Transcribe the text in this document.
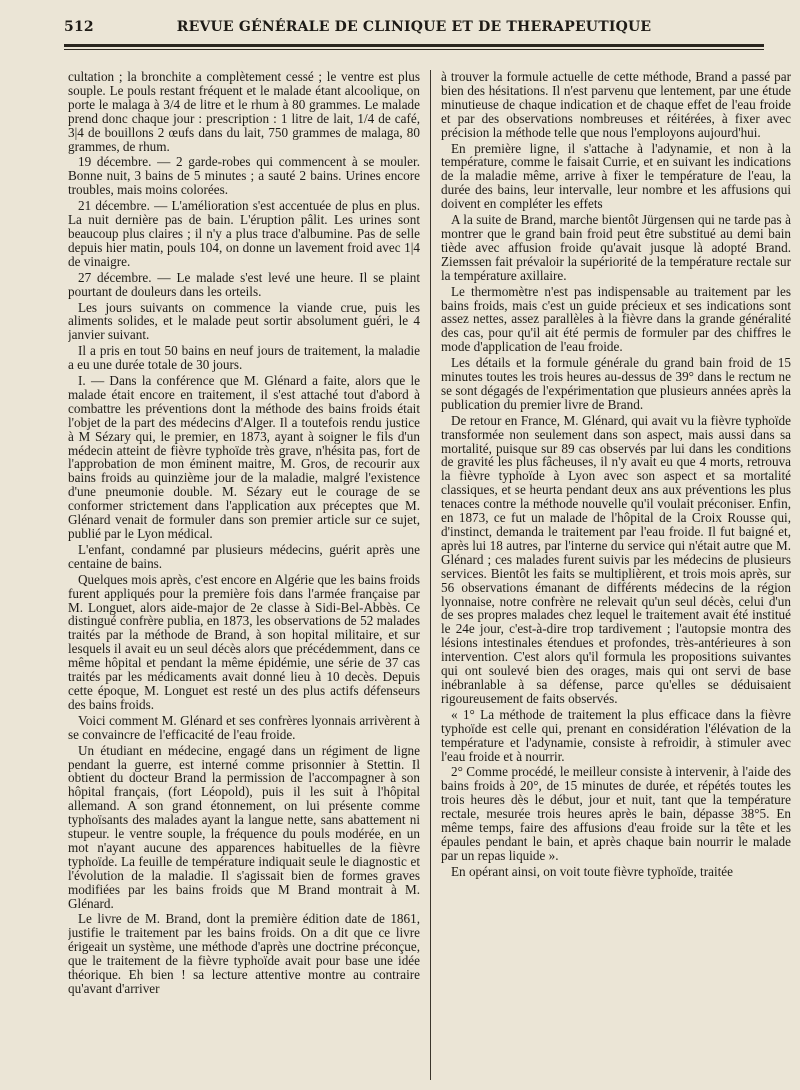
512	REVUE GÉNÉRALE DE CLINIQUE ET DE THERAPEUTIQUE

cultation ; la bronchite a complètement cessé ; le ventre est plus souple. Le pouls restant fréquent et le malade étant alcoolique, on porte le malaga à 3/4 de litre et le rhum à 80 grammes. Le malade prend donc chaque jour : prescription : 1 litre de lait, 1/4 de café, 3|4 de bouillons 2 œufs dans du lait, 750 grammes de malaga, 80 grammes, de rhum.

19 décembre. — 2 garde-robes qui commencent à se mouler. Bonne nuit, 3 bains de 5 minutes ; a sauté 2 bains. Urines encore troubles, mais moins colorées.

21 décembre. — L'amélioration s'est accentuée de plus en plus. La nuit dernière pas de bain. L'éruption pâlit. Les urines sont beaucoup plus claires ; il n'y a plus trace d'albumine. Pas de selle depuis hier matin, pouls 104, on donne un lavement froid avec 1|4 de vinaigre.

27 décembre. — Le malade s'est levé une heure. Il se plaint pourtant de douleurs dans les orteils.

Les jours suivants on commence la viande crue, puis les aliments solides, et le malade peut sortir absolument guéri, le 4 janvier suivant.

Il a pris en tout 50 bains en neuf jours de traitement, la maladie a eu une durée totale de 30 jours.

I. — Dans la conférence que M. Glénard a faite, alors que le malade était encore en traitement, il s'est attaché tout d'abord à combattre les préventions dont la méthode des bains froids était l'objet de la part des médecins d'Alger. Il a toutefois rendu justice à M Sézary qui, le premier, en 1873, ayant à soigner le fils d'un médecin atteint de fièvre typhoïde très grave, n'hésita pas, fort de l'approbation de mon éminent maitre, M. Gros, de recourir aux bains froids au quinzième jour de la maladie, malgré l'existence d'une pneumonie double. M. Sézary eut le courage de se conformer strictement dans l'application aux préceptes que M. Glénard venait de formuler dans son premier article sur ce sujet, publié par le Lyon médical.

L'enfant, condamné par plusieurs médecins, guérit après une centaine de bains.

Quelques mois après, c'est encore en Algérie que les bains froids furent appliqués pour la première fois dans l'armée française par M. Longuet, alors aide-major de 2e classe à Sidi-Bel-Abbès. Ce distingué confrère publia, en 1873, les observations de 52 malades traités par la méthode de Brand, à son hopital militaire, et sur lesquels il avait eu un seul décès alors que précédemment, dans ce même hôpital et pendant la même épidémie, une série de 37 cas traités par les médicaments avait donné lieu à 10 decès. Depuis cette époque, M. Longuet est resté un des plus actifs défenseurs des bains froids.

Voici comment M. Glénard et ses confrères lyonnais arrivèrent à se convaincre de l'efficacité de l'eau froide.

Un étudiant en médecine, engagé dans un régiment de ligne pendant la guerre, est interné comme prisonnier à Stettin. Il obtient du docteur Brand la permission de l'accompagner à son hôpital français, (fort Léopold), puis il les suit à l'hôpital allemand. A son grand étonnement, on lui présente comme typhoïsants des malades ayant la langue nette, sans abattement ni stupeur. le ventre souple, la fréquence du pouls modérée, en un mot n'ayant aucune des apparences habituelles de la fièvre typhoïde. La feuille de température indiquait seule le diagnostic et l'évolution de la maladie. Il s'agissait bien de formes graves modifiées par les bains froids que M Brand montrait à M. Glénard.

Le livre de M. Brand, dont la première édition date de 1861, justifie le traitement par les bains froids. On a dit que ce livre érigeait un système, une méthode d'après une doctrine préconçue, que le traitement de la fièvre typhoïde avait pour base une idée théorique. Eh bien ! sa lecture attentive montre au contraire qu'avant d'arriver

à trouver la formule actuelle de cette méthode, Brand a passé par bien des hésitations. Il n'est parvenu que lentement, par une étude minutieuse de chaque indication et de chaque effet de l'eau froide et par des observations nombreuses et réitérées, à fixer avec précision la méthode telle que nous l'employons aujourd'hui.

En première ligne, il s'attache à l'adynamie, et non à la température, comme le faisait Currie, et en suivant les indications de la maladie même, arrive à fixer le température de l'eau, la durée des bains, leur intervalle, leur nombre et les affusions qui doivent en compléter les effets

A la suite de Brand, marche bientôt Jürgensen qui ne tarde pas à montrer que le grand bain froid peut être substitué au demi bain tiède avec affusion froide qu'avait jusque là adopté Brand. Ziemssen fait prévaloir la supériorité de la température rectale sur la température axillaire.

Le thermomètre n'est pas indispensable au traitement par les bains froids, mais c'est un guide précieux et ses indications sont assez nettes, assez parallèles à la fièvre dans la grande généralité des cas, pour qu'il ait été permis de formuler par des chiffres le mode d'application de l'eau froide.

Les détails et la formule générale du grand bain froid de 15 minutes toutes les trois heures au-dessus de 39° dans le rectum ne se sont dégagés de l'expérimentation que plusieurs années après la publication du premier livre de Brand.

De retour en France, M. Glénard, qui avait vu la fièvre typhoïde transformée non seulement dans son aspect, mais aussi dans sa mortalité, puisque sur 89 cas observés par lui dans les conditions de gravité les plus fâcheuses, il n'y avait eu que 4 morts, retrouva la fièvre typhoïde à Lyon avec son aspect et sa mortalité classiques, et se heurta pendant deux ans aux préventions les plus tenaces contre la méthode nouvelle qu'il voulait préconiser. Enfin, en 1873, ce fut un malade de l'hôpital de la Croix Rousse qui, d'instinct, demanda le traitement par l'eau froide. Il fut baigné et, après lui 18 autres, par l'interne du service qui n'était autre que M. Glénard ; ces malades furent suivis par les médecins de plusieurs services. Bientôt les faits se multiplièrent, et trois mois après, sur 56 observations émanant de différents médecins de la région lyonnaise, notre confrère ne relevait qu'un seul décès, celui d'un de ses propres malades chez lequel le traitement avait été institué le 24e jour, c'est-à-dire trop tardivement ; l'autopsie montra des lésions intestinales étendues et profondes, très-antérieures à son intervention. C'est alors qu'il formula les propositions suivantes qui ont soulevé bien des orages, mais qui ont servi de base inébranlable à sa défense, parce qu'elles se déduisaient rigoureusement de faits observés.

« 1° La méthode de traitement la plus efficace dans la fièvre typhoïde est celle qui, prenant en considération l'élévation de la température et l'adynamie, consiste à refroidir, à stimuler avec l'eau froide et à nourrir.

2° Comme procédé, le meilleur consiste à intervenir, à l'aide des bains froids à 20°, de 15 minutes de durée, et répétés toutes les trois heures dès le début, jour et nuit, tant que la température rectale, mesurée trois heures après le bain, dépasse 38°5. En même temps, faire des affusions d'eau froide sur la tête et les épaules pendant le bain, et après chaque bain nourrir le malade par un repas liquide ».

En opérant ainsi, on voit toute fièvre typhoïde, traitée
